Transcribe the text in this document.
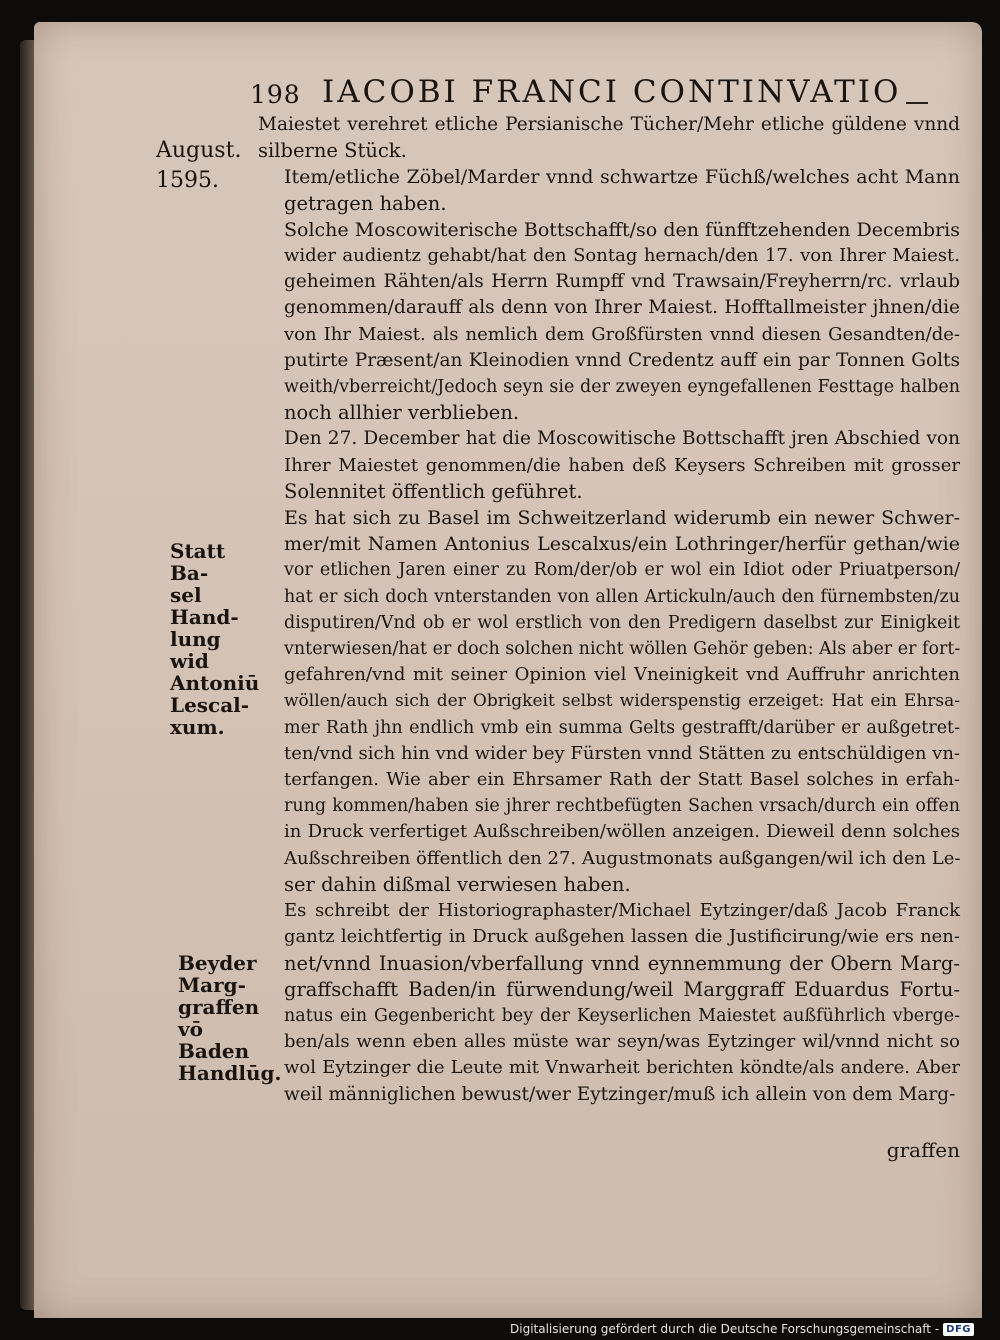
198 IACOBI FRANCI CONTINVATIO
August.
1595.
Statt Ba-
sel Hand-
lung wid
Antoniū
Lescal-
xum.
Beyder
Marg-
graffen
vō Baden
Handlūg.

Maiestet verehret etliche Persianische Tücher/Mehr etliche güldene vnnd
silberne Stück.

Item/etliche Zöbel/Marder vnnd schwartze Füchß/welches acht Mann
getragen haben.

Solche Moscowiterische Bottschafft/so den fünfftzehenden Decembris
wider audientz gehabt/hat den Sontag hernach/den 17. von Ihrer Maiest.
geheimen Rähten/als Herrn Rumpff vnd Trawsain/Freyherrn/rc. vrlaub
genommen/darauff als denn von Ihrer Maiest. Hofftallmeister jhnen/die
von Ihr Maiest. als nemlich dem Großfürsten vnnd diesen Gesandten/de-
putirte Præsent/an Kleinodien vnnd Credentz auff ein par Tonnen Golts
weith/vberreicht/Jedoch seyn sie der zweyen eyngefallenen Festtage halben
noch allhier verblieben.

Den 27. December hat die Moscowitische Bottschafft jren Abschied von
Ihrer Maiestet genommen/die haben deß Keysers Schreiben mit grosser
Solennitet öffentlich geführet.

Es hat sich zu Basel im Schweitzerland widerumb ein newer Schwer-
mer/mit Namen Antonius Lescalxus/ein Lothringer/herfür gethan/wie
vor etlichen Jaren einer zu Rom/der/ob er wol ein Idiot oder Priuatperson/
hat er sich doch vnterstanden von allen Artickuln/auch den fürnembsten/zu
disputiren/Vnd ob er wol erstlich von den Predigern daselbst zur Einigkeit
vnterwiesen/hat er doch solchen nicht wöllen Gehör geben: Als aber er fort-
gefahren/vnd mit seiner Opinion viel Vneinigkeit vnd Auffruhr anrichten
wöllen/auch sich der Obrigkeit selbst widerspenstig erzeiget: Hat ein Ehrsa-
mer Rath jhn endlich vmb ein summa Gelts gestrafft/darüber er außgetret-
ten/vnd sich hin vnd wider bey Fürsten vnnd Stätten zu entschüldigen vn-
terfangen. Wie aber ein Ehrsamer Rath der Statt Basel solches in erfah-
rung kommen/haben sie jhrer rechtbefügten Sachen vrsach/durch ein offen
in Druck verfertiget Außschreiben/wöllen anzeigen. Dieweil denn solches
Außschreiben öffentlich den 27. Augustmonats außgangen/wil ich den Le-
ser dahin dißmal verwiesen haben.

Es schreibt der Historiographaster/Michael Eytzinger/daß Jacob Franck
gantz leichtfertig in Druck außgehen lassen die Justificirung/wie ers nen-
net/vnnd Inuasion/vberfallung vnnd eynnemmung der Obern Marg-
graffschafft Baden/in fürwendung/weil Marggraff Eduardus Fortu-
natus ein Gegenbericht bey der Keyserlichen Maiestet außführlich vberge-
ben/als wenn eben alles müste war seyn/was Eytzinger wil/vnnd nicht so
wol Eytzinger die Leute mit Vnwarheit berichten köndte/als andere. Aber
weil männiglichen bewust/wer Eytzinger/muß ich allein von dem Marg-

graffen
Digitalisierung gefördert durch die Deutsche Forschungsgemeinschaft - DFG
